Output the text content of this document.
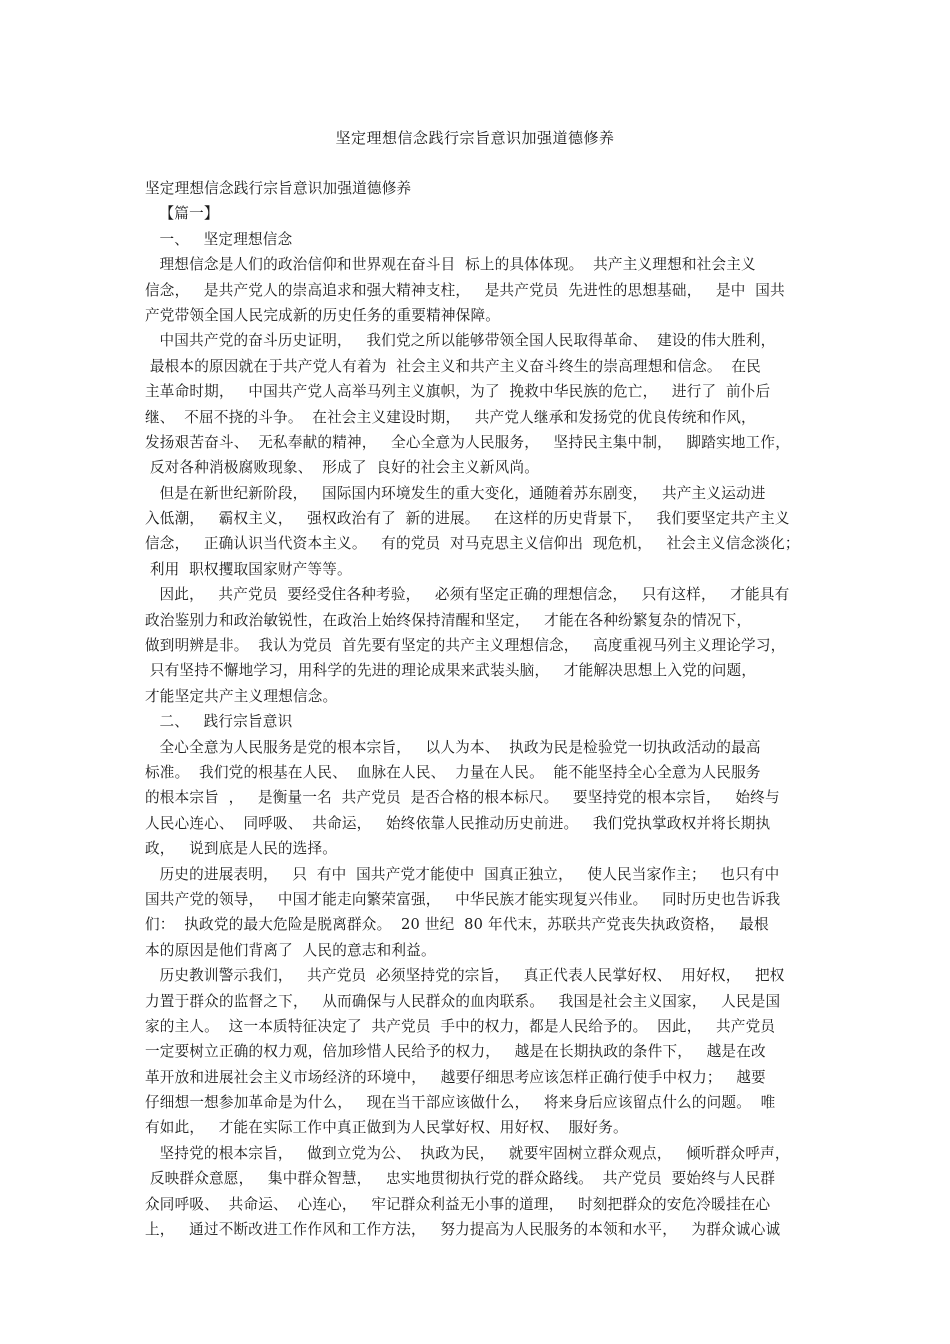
坚定理想信念践行宗旨意识加强道德修养
坚定理想信念践行宗旨意识加强道德修养
【篇一】
一、   坚定理想信念
理想信念是人们的政治信仰和世界观在奋斗目  标上的具体体现。  共产主义理想和社会主义
信念，   是共产党人的崇高追求和强大精神支柱，   是共产党员  先进性的思想基础，   是中  国共
产党带领全国人民完成新的历史任务的重要精神保障。
中国共产党的奋斗历史证明，   我们党之所以能够带领全国人民取得革命、  建设的伟大胜利，
最根本的原因就在于共产党人有着为  社会主义和共产主义奋斗终生的崇高理想和信念。  在民
主革命时期，   中国共产党人高举马列主义旗帜，为了  挽救中华民族的危亡，   进行了  前仆后
继、  不屈不挠的斗争。  在社会主义建设时期，   共产党人继承和发扬党的优良传统和作风，
发扬艰苦奋斗、  无私奉献的精神，   全心全意为人民服务，   坚持民主集中制，   脚踏实地工作，
反对各种消极腐败现象、  形成了  良好的社会主义新风尚。
但是在新世纪新阶段，   国际国内环境发生的重大变化，通随着苏东剧变，   共产主义运动进
入低潮，   霸权主义，   强权政治有了  新的进展。   在这样的历史背景下，   我们要坚定共产主义
信念，   正确认识当代资本主义。   有的党员  对马克思主义信仰出  现危机，   社会主义信念淡化；
利用  职权攫取国家财产等等。
因此，   共产党员  要经受住各种考验，   必须有坚定正确的理想信念，   只有这样，   才能具有
政治鉴别力和政治敏锐性，在政治上始终保持清醒和坚定，   才能在各种纷繁复杂的情况下，
做到明辨是非。  我认为党员  首先要有坚定的共产主义理想信念，   高度重视马列主义理论学习，
只有坚持不懈地学习，用科学的先进的理论成果来武装头脑，   才能解决思想上入党的问题，
才能坚定共产主义理想信念。
二、   践行宗旨意识
全心全意为人民服务是党的根本宗旨，   以人为本、  执政为民是检验党一切执政活动的最高
标准。  我们党的根基在人民、  血脉在人民、  力量在人民。  能不能坚持全心全意为人民服务
的根本宗旨  ，   是衡量一名  共产党员  是否合格的根本标尺。   要坚持党的根本宗旨，   始终与
人民心连心、  同呼吸、  共命运，   始终依靠人民推动历史前进。   我们党执掌政权并将长期执
政，   说到底是人民的选择。
历史的进展表明，   只  有中  国共产党才能使中  国真正独立，   使人民当家作主；   也只有中
国共产党的领导，   中国才能走向繁荣富强，   中华民族才能实现复兴伟业。   同时历史也告诉我
们：  执政党的最大危险是脱离群众。  20 世纪  80 年代末，苏联共产党丧失执政资格，   最根
本的原因是他们背离了  人民的意志和利益。
历史教训警示我们，   共产党员  必须坚持党的宗旨，   真正代表人民掌好权、  用好权，   把权
力置于群众的监督之下，   从而确保与人民群众的血肉联系。   我国是社会主义国家，   人民是国
家的主人。  这一本质特征决定了  共产党员  手中的权力，都是人民给予的。  因此，   共产党员
一定要树立正确的权力观，倍加珍惜人民给予的权力，   越是在长期执政的条件下，   越是在改
革开放和进展社会主义市场经济的环境中，   越要仔细思考应该怎样正确行使手中权力；   越要
仔细想一想参加革命是为什么，   现在当干部应该做什么，   将来身后应该留点什么的问题。  唯
有如此，   才能在实际工作中真正做到为人民掌好权、用好权、  服好务。
坚持党的根本宗旨，   做到立党为公、  执政为民，   就要牢固树立群众观点，   倾听群众呼声，
反映群众意愿，   集中群众智慧，   忠实地贯彻执行党的群众路线。  共产党员  要始终与人民群
众同呼吸、  共命运、  心连心，   牢记群众利益无小事的道理，   时刻把群众的安危冷暖挂在心
上，   通过不断改进工作作风和工作方法，   努力提高为人民服务的本领和水平，   为群众诚心诚
